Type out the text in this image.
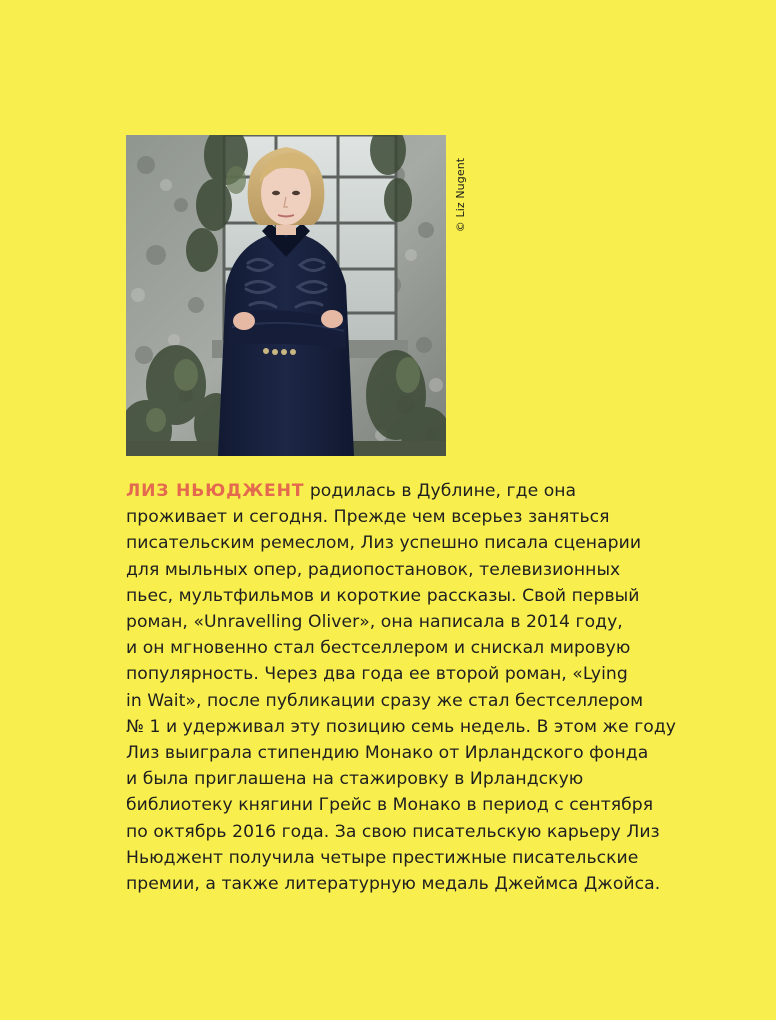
© Liz Nugent

ЛИЗ НЬЮДЖЕНТ родилась в Дублине, где она
проживает и сегодня. Прежде чем всерьез заняться
писательским ремеслом, Лиз успешно писала сценарии
для мыльных опер, радиопостановок, телевизионных
пьес, мультфильмов и короткие рассказы. Свой первый
роман, «Unravelling Oliver», она написала в 2014 году,
и он мгновенно стал бестселлером и снискал мировую
популярность. Через два года ее второй роман, «Lying
in Wait», после публикации сразу же стал бестселлером
№ 1 и удерживал эту позицию семь недель. В этом же году
Лиз выиграла стипендию Монако от Ирландского фонда
и была приглашена на стажировку в Ирландскую
библиотеку княгини Грейс в Монако в период с сентября
по октябрь 2016 года. За свою писательскую карьеру Лиз
Ньюджент получила четыре престижные писательские
премии, а также литературную медаль Джеймса Джойса.
